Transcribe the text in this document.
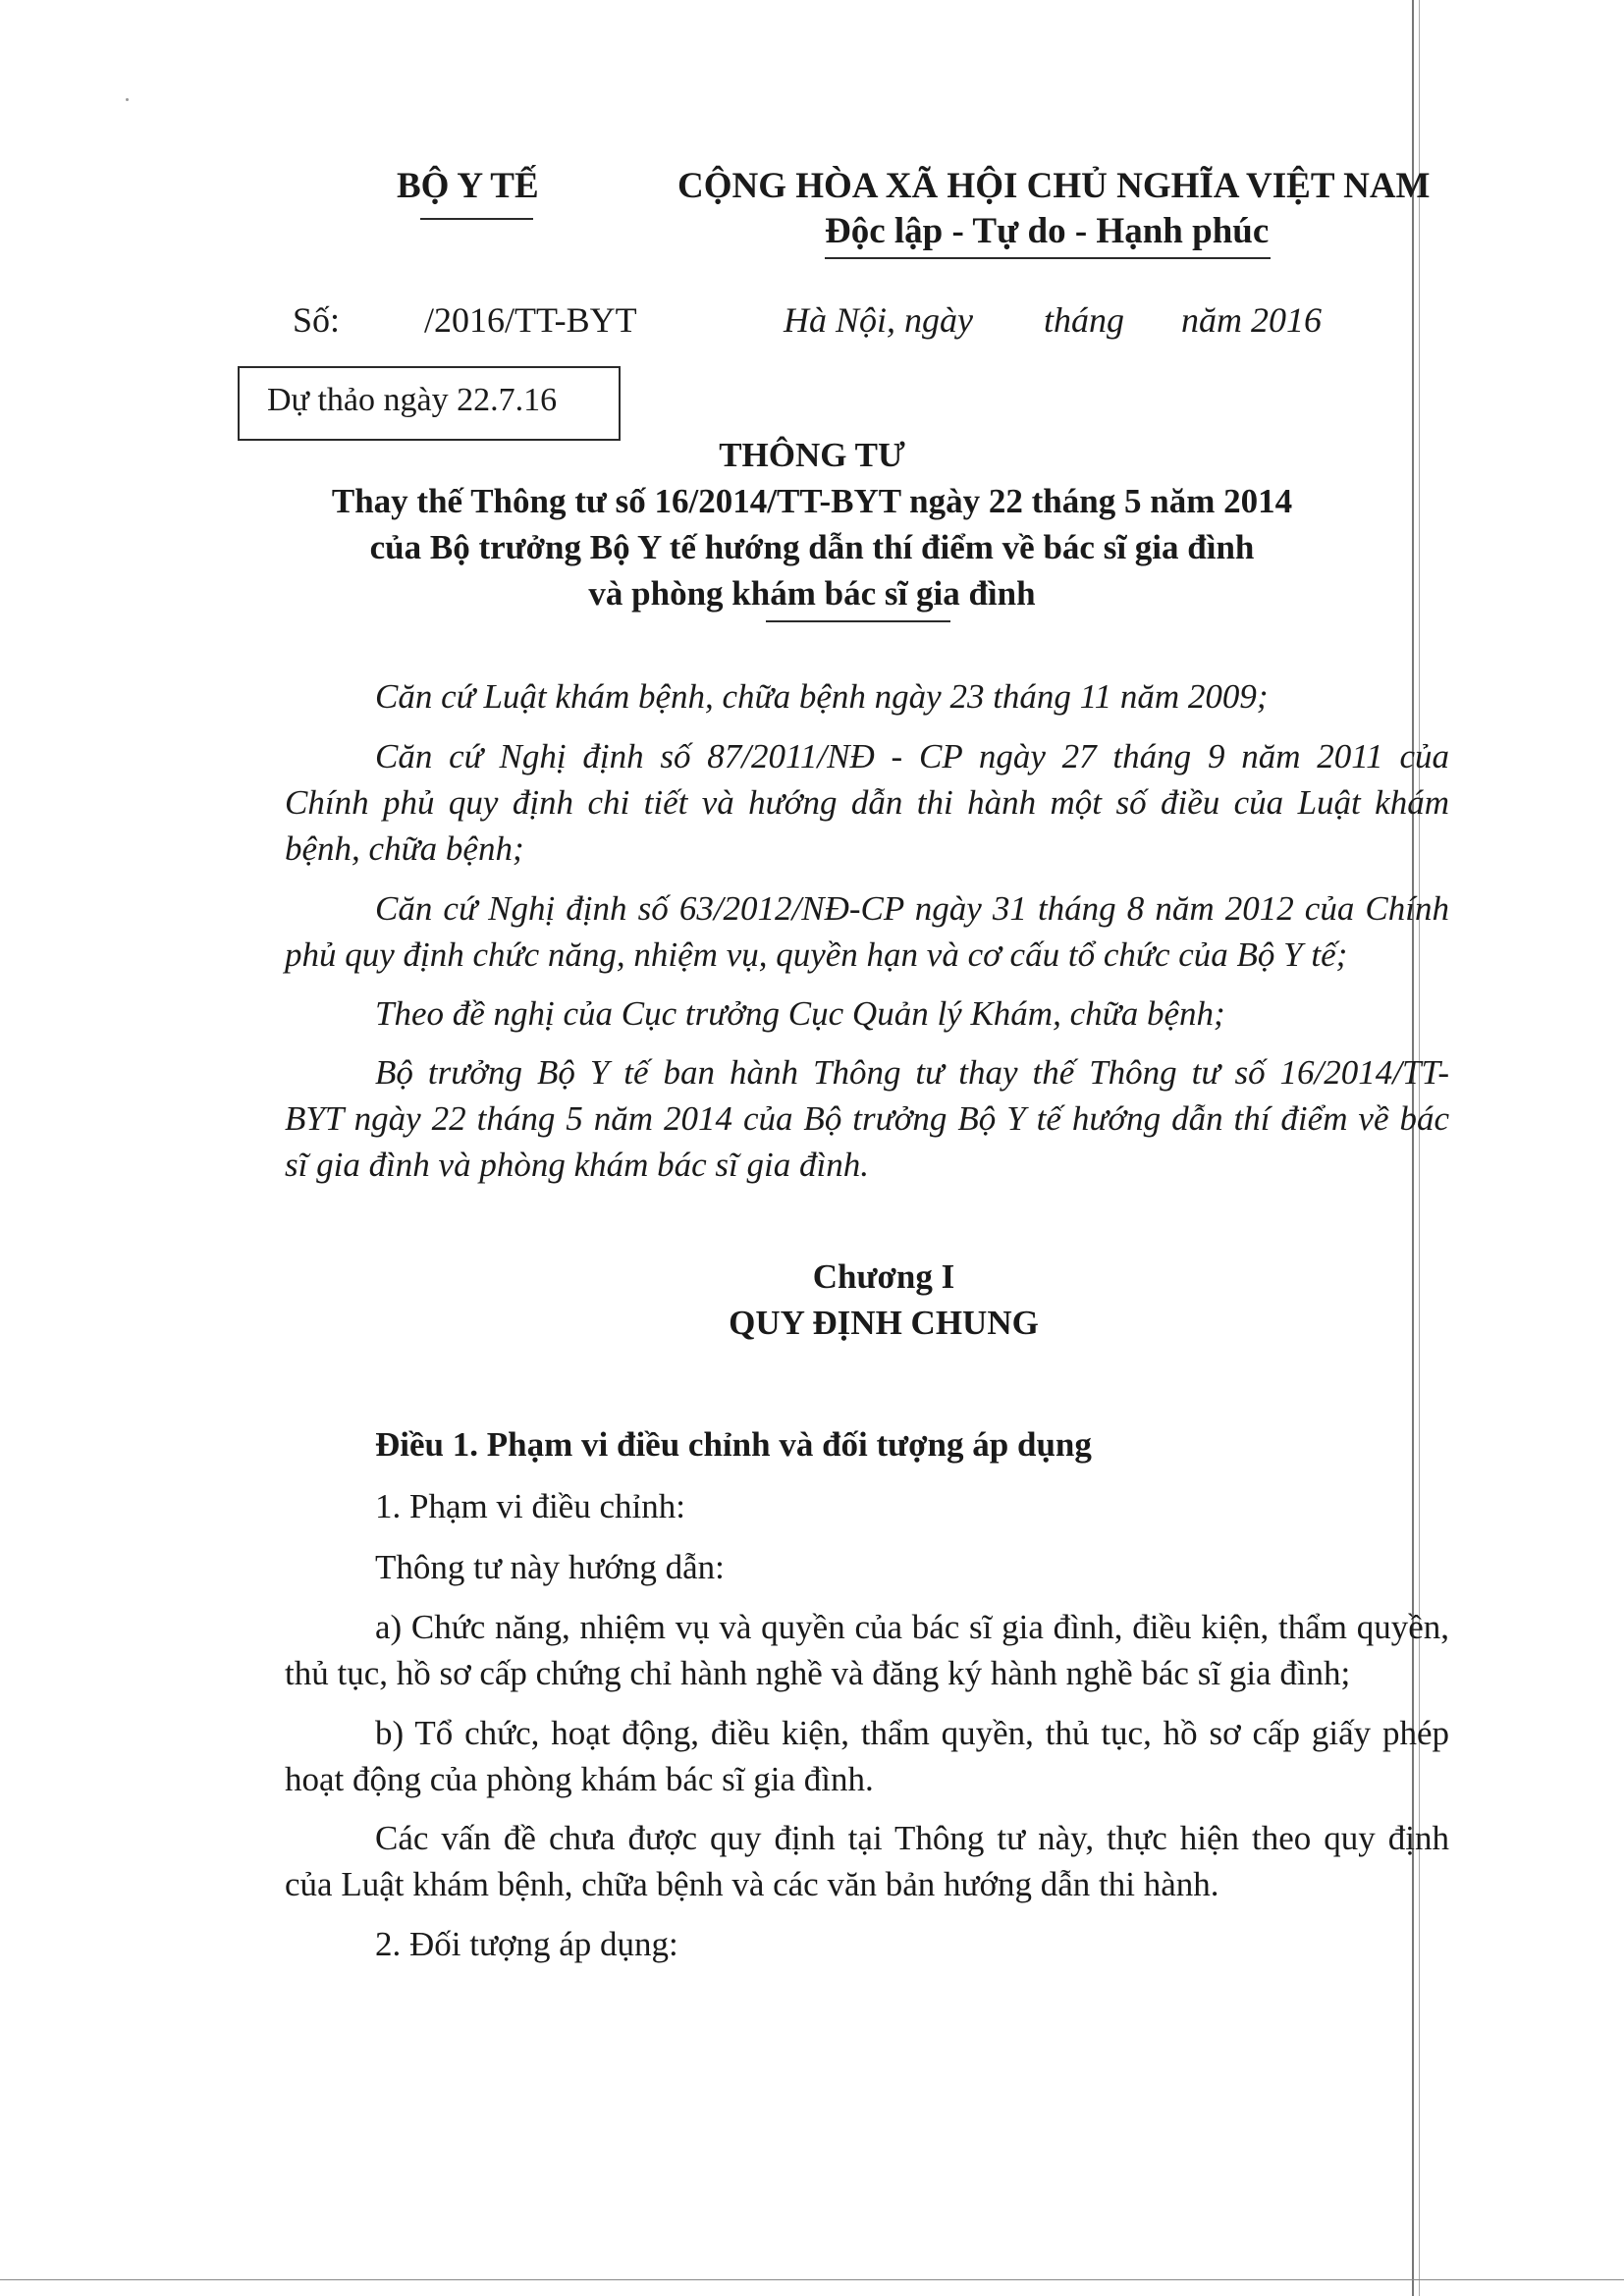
BỘ Y TẾ	CỘNG HÒA XÃ HỘI CHỦ NGHĨA VIỆT NAM
Độc lập - Tự do - Hạnh phúc
Số: /2016/TT-BYT	Hà Nội, ngày tháng năm 2016
Dự thảo ngày 22.7.16
THÔNG TƯ
Thay thế Thông tư số 16/2014/TT-BYT ngày 22 tháng 5 năm 2014
của Bộ trưởng Bộ Y tế hướng dẫn thí điểm về bác sĩ gia đình
và phòng khám bác sĩ gia đình
Căn cứ Luật khám bệnh, chữa bệnh ngày 23 tháng 11 năm 2009;
Căn cứ Nghị định số 87/2011/NĐ - CP ngày 27 tháng 9 năm 2011 của
Chính phủ quy định chi tiết và hướng dẫn thi hành một số điều của Luật khám
bệnh, chữa bệnh;
Căn cứ Nghị định số 63/2012/NĐ-CP ngày 31 tháng 8 năm 2012 của Chính
phủ quy định chức năng, nhiệm vụ, quyền hạn và cơ cấu tổ chức của Bộ Y tế;
Theo đề nghị của Cục trưởng Cục Quản lý Khám, chữa bệnh;
Bộ trưởng Bộ Y tế ban hành Thông tư thay thế Thông tư số 16/2014/TT-
BYT ngày 22 tháng 5 năm 2014 của Bộ trưởng Bộ Y tế hướng dẫn thí điểm về bác
sĩ gia đình và phòng khám bác sĩ gia đình.
Chương I
QUY ĐỊNH CHUNG
Điều 1. Phạm vi điều chỉnh và đối tượng áp dụng
1. Phạm vi điều chỉnh:
Thông tư này hướng dẫn:
a) Chức năng, nhiệm vụ và quyền của bác sĩ gia đình, điều kiện, thẩm quyền,
thủ tục, hồ sơ cấp chứng chỉ hành nghề và đăng ký hành nghề bác sĩ gia đình;
b) Tổ chức, hoạt động, điều kiện, thẩm quyền, thủ tục, hồ sơ cấp giấy phép
hoạt động của phòng khám bác sĩ gia đình.
Các vấn đề chưa được quy định tại Thông tư này, thực hiện theo quy định
của Luật khám bệnh, chữa bệnh và các văn bản hướng dẫn thi hành.
2. Đối tượng áp dụng:
